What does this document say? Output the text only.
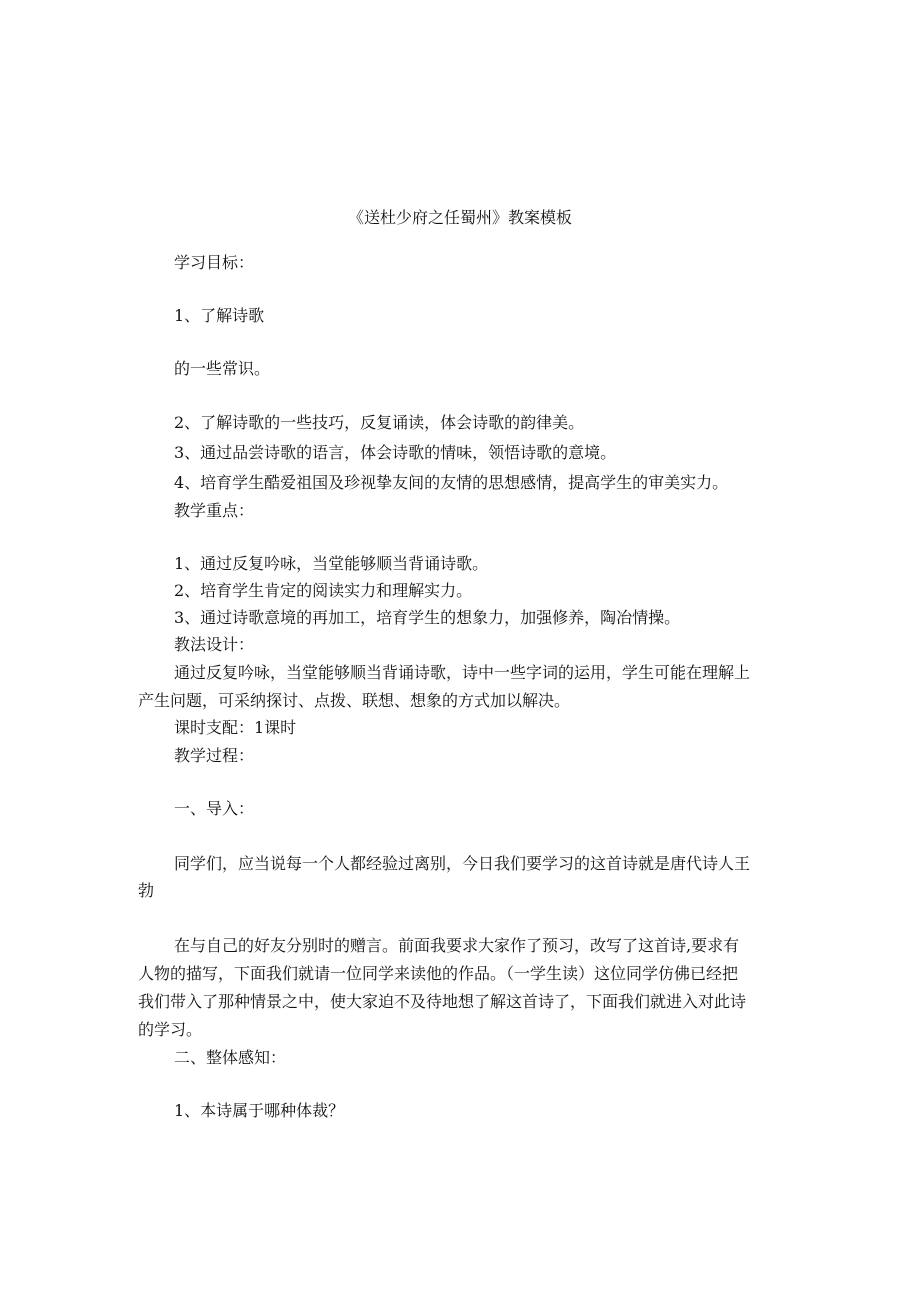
《送杜少府之任蜀州》教案模板
学习目标：
1、了解诗歌
的一些常识。
2、了解诗歌的一些技巧，反复诵读，体会诗歌的韵律美。
3、通过品尝诗歌的语言，体会诗歌的情味，领悟诗歌的意境。
4、培育学生酷爱祖国及珍视挚友间的友情的思想感情，提高学生的审美实力。
教学重点：
1、通过反复吟咏，当堂能够顺当背诵诗歌。
2、培育学生肯定的阅读实力和理解实力。
3、通过诗歌意境的再加工，培育学生的想象力，加强修养，陶冶情操。
教法设计：
通过反复吟咏，当堂能够顺当背诵诗歌，诗中一些字词的运用，学生可能在理解上
产生问题，可采纳探讨、点拨、联想、想象的方式加以解决。
课时支配：1课时
教学过程：
一、导入：
同学们，应当说每一个人都经验过离别，今日我们要学习的这首诗就是唐代诗人王
勃
在与自己的好友分别时的赠言。前面我要求大家作了预习，改写了这首诗,要求有
人物的描写，下面我们就请一位同学来读他的作品。（一学生读）这位同学仿佛已经把
我们带入了那种情景之中，使大家迫不及待地想了解这首诗了，下面我们就进入对此诗
的学习。
二、整体感知：
1、本诗属于哪种体裁？
